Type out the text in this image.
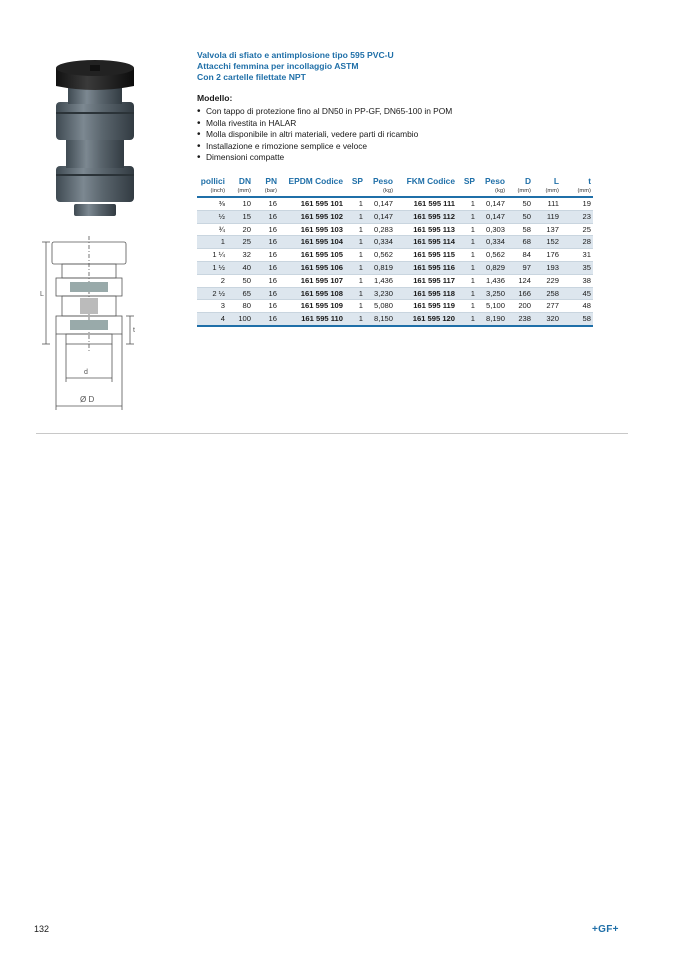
L
t
d
Ø D
Valvola di sfiato e antimplosione tipo 595 PVC-U
Attacchi femmina per incollaggio ASTM
Con 2 cartelle filettate NPT
Modello:
• Con tappo di protezione fino al DN50 in PP-GF, DN65-100 in POM
• Molla rivestita in HALAR
• Molla disponibile in altri materiali, vedere parti di ricambio
• Installazione e rimozione semplice e veloce
• Dimensioni compatte
pollici	DN	PN	EPDM Codice	SP	Peso	FKM Codice	SP	Peso	D	L	t
(inch)	(mm)	(bar)			(kg)			(kg)	(mm)	(mm)	(mm)
⅜	10	16	161 595 101	1	0,147	161 595 111	1	0,147	50	111	19
½	15	16	161 595 102	1	0,147	161 595 112	1	0,147	50	119	23
¾	20	16	161 595 103	1	0,283	161 595 113	1	0,303	58	137	25
1	25	16	161 595 104	1	0,334	161 595 114	1	0,334	68	152	28
1 ¼	32	16	161 595 105	1	0,562	161 595 115	1	0,562	84	176	31
1 ½	40	16	161 595 106	1	0,819	161 595 116	1	0,829	97	193	35
2	50	16	161 595 107	1	1,436	161 595 117	1	1,436	124	229	38
2 ½	65	16	161 595 108	1	3,230	161 595 118	1	3,250	166	258	45
3	80	16	161 595 109	1	5,080	161 595 119	1	5,100	200	277	48
4	100	16	161 595 110	1	8,150	161 595 120	1	8,190	238	320	58
132	+GF+
